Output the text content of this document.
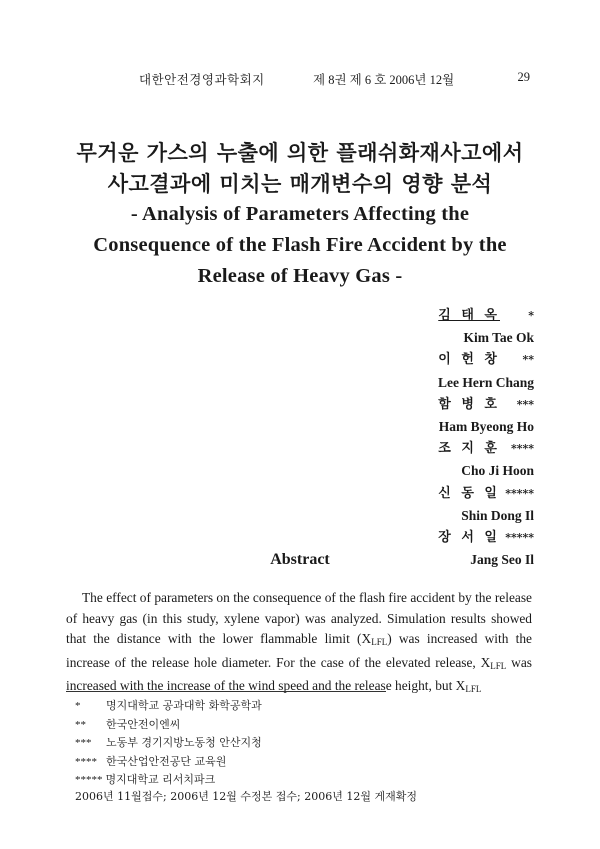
대한안전경영과학회지	제 8권 제 6 호 2006년 12월	29

무거운 가스의 누출에 의한 플래쉬화재사고에서

사고결과에 미치는 매개변수의 영향 분석

- Analysis of Parameters Affecting the

Consequence of the Flash Fire Accident by the

Release of Heavy Gas -

김 태 옥	*
Kim Tae Ok
이 헌 창 **
Lee Hern Chang
함 병 호 ***
Ham Byeong Ho
조 지 훈 ****
Cho Ji Hoon
신 동 일 *****
Shin Dong Il
장 서 일 *****
Jang Seo Il
Abstract

The effect of parameters on the consequence of the flash fire accident by the release of heavy gas (in this study, xylene vapor) was analyzed. Simulation results showed that the distance with the lower flammable limit $(X_{LFL})$ was increased with the increase of the release hole diameter. For the case of the elevated release, $X_{LFL}$ was increased with the increase of the wind speed and the release height, but $X_{LFL}$

*	명지대학교 공과대학 화학공학과
**	한국안전이엔씨
***	노동부 경기지방노동청 안산지청
**** 한국산업안전공단 교육원
***** 명지대학교 리서치파크
2006년 11월접수; 2006년 12월 수정본 접수; 2006년 12월 게재확정
